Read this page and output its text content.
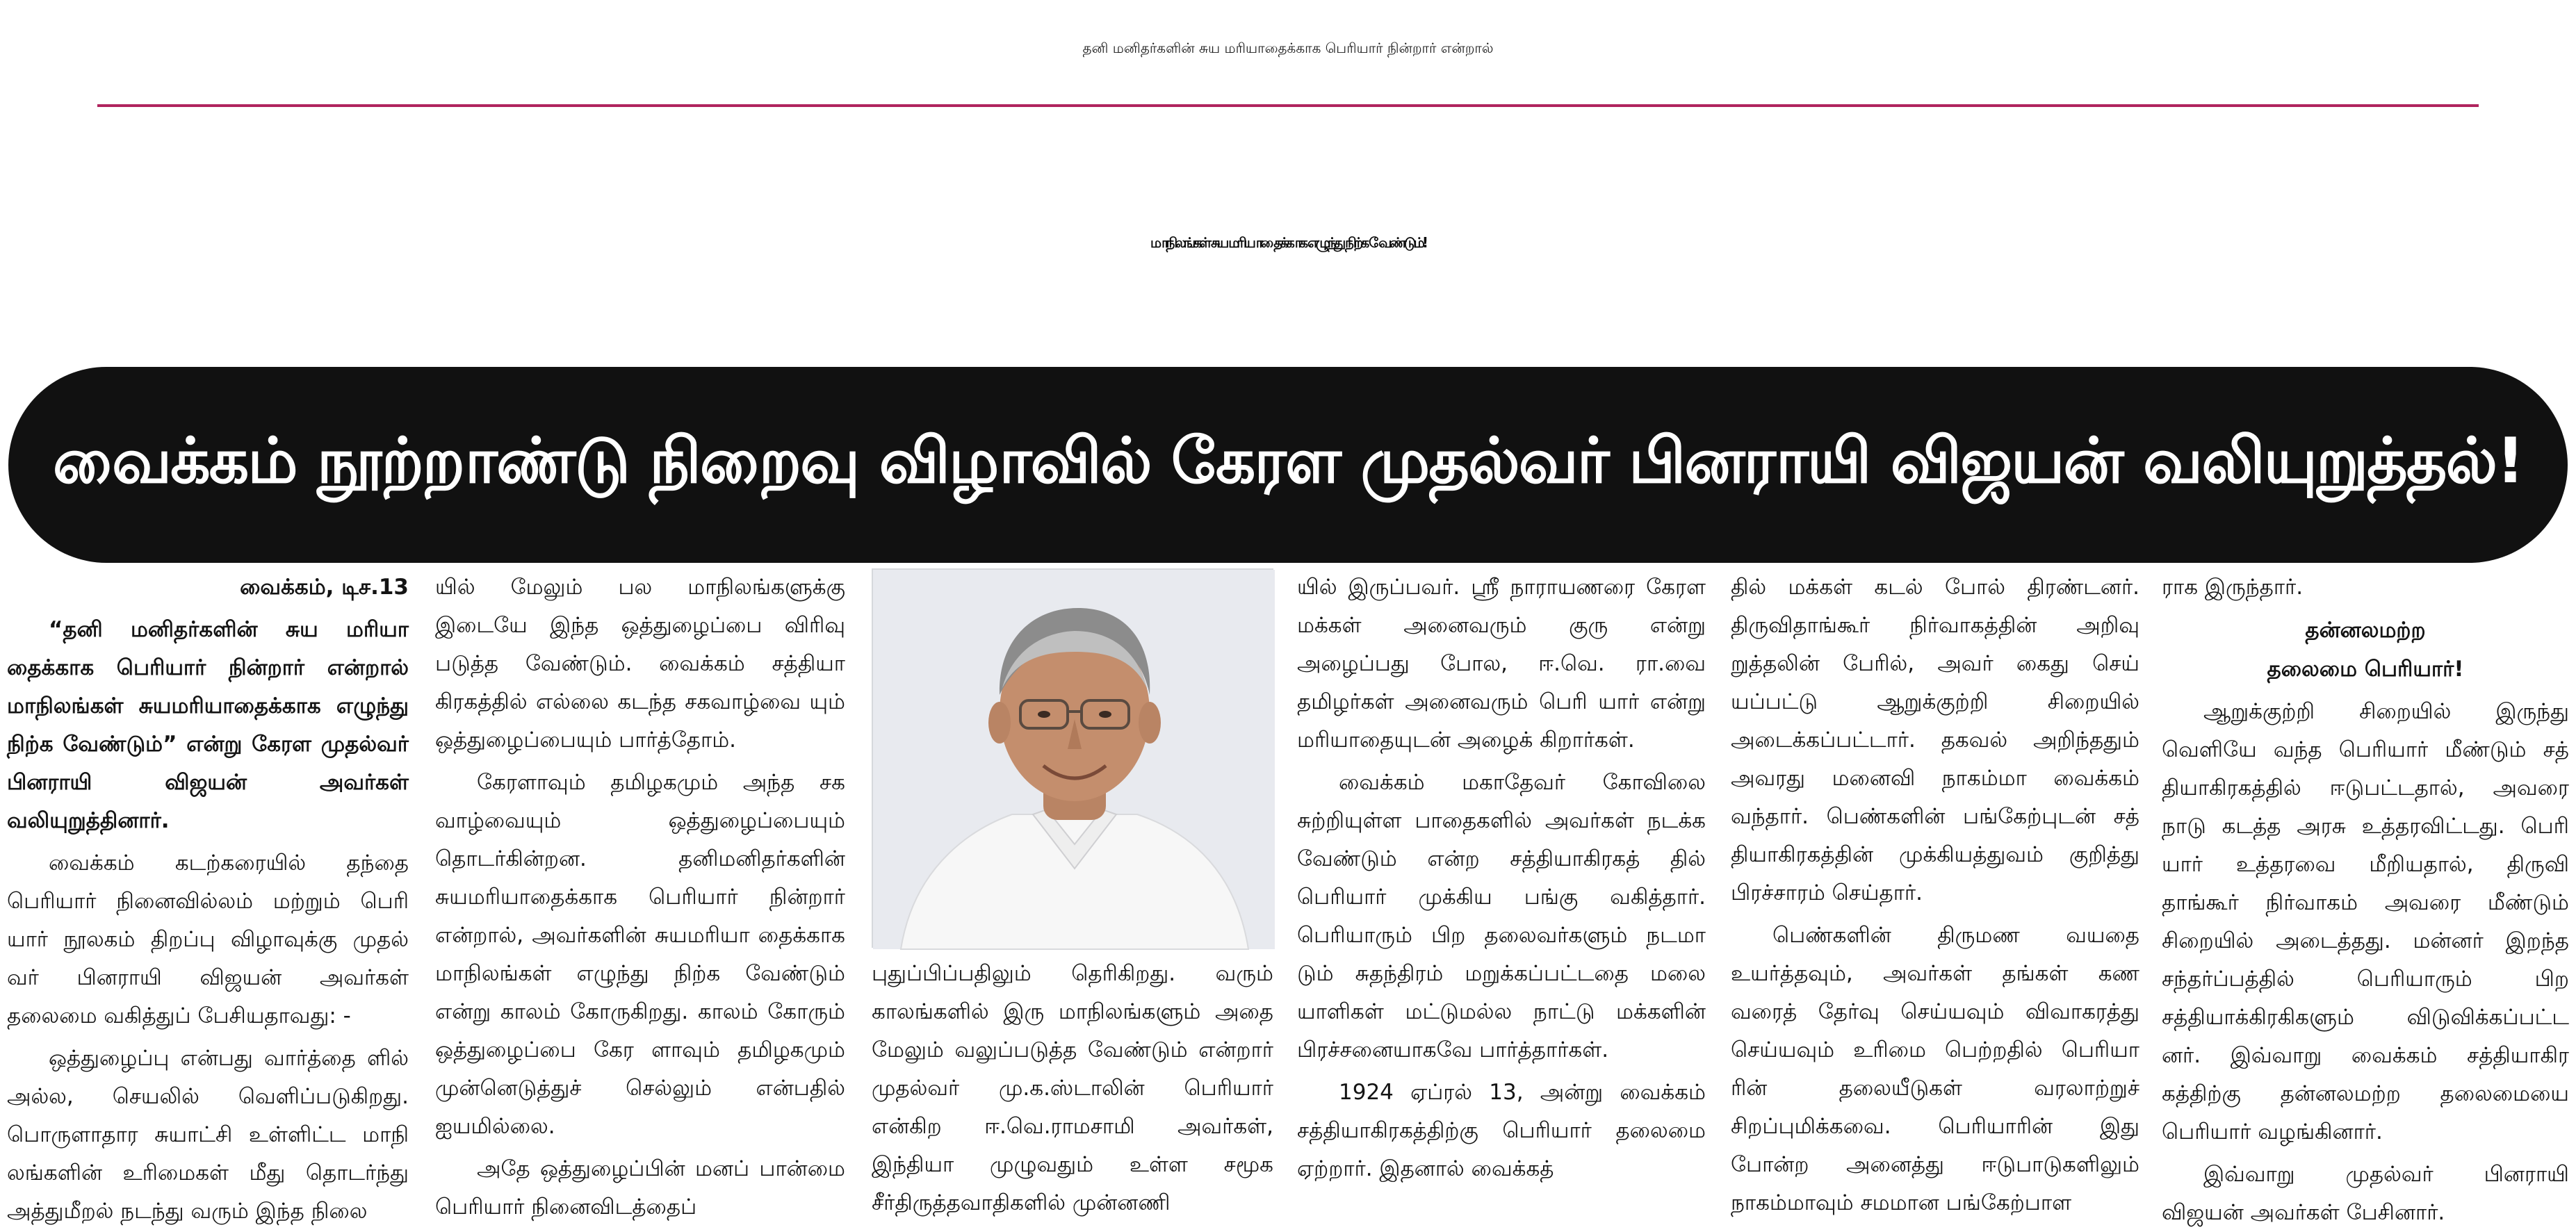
தனி மனிதர்களின் சுய மரியாதைக்காக பெரியார் நின்றார் என்றால்
மாநிலங்கள் சுய மரியாதைக்காக எழுந்து நிற்க வேண்டும்!
வைக்கம் நூற்றாண்டு நிறைவு விழாவில் கேரள முதல்வர் பினராயி விஜயன் வலியுறுத்தல்!

வைக்கம், டிச.13

“தனி மனிதர்களின் சுய மரியா தைக்காக பெரியார் நின்றார் என்றால் மாநிலங்கள் சுயமரியாதைக்காக எழுந்து நிற்க வேண்டும்” என்று கேரள முதல்வர் பினராயி விஜயன் அவர்கள் வலியுறுத்தினார்.

வைக்கம் கடற்கரையில் தந்தை பெரியார் நினைவில்லம் மற்றும் பெரி யார் நூலகம் திறப்பு விழாவுக்கு முதல் வர் பினராயி விஜயன் அவர்கள் தலைமை வகித்துப் பேசியதாவது: -

ஒத்துழைப்பு என்பது வார்த்தை ளில் அல்ல, செயலில் வெளிப்படுகிறது. பொருளாதார சுயாட்சி உள்ளிட்ட மாநி லங்களின் உரிமைகள் மீது தொடர்ந்து அத்துமீறல் நடந்து வரும் இந்த நிலை

யில் மேலும் பல மாநிலங்களுக்கு இடையே இந்த ஒத்துழைப்பை விரிவு படுத்த வேண்டும். வைக்கம் சத்தியா கிரகத்தில் எல்லை கடந்த சகவாழ்வை யும் ஒத்துழைப்பையும் பார்த்தோம்.

கேரளாவும் தமிழகமும் அந்த சக வாழ்வையும் ஒத்துழைப்பையும் தொடர்கின்றன. தனிமனிதர்களின் சுயமரியாதைக்காக பெரியார் நின்றார் என்றால், அவர்களின் சுயமரியா தைக்காக மாநிலங்கள் எழுந்து நிற்க வேண்டும் என்று காலம் கோருகிறது. காலம் கோரும் ஒத்துழைப்பை கேர ளாவும் தமிழகமும் முன்னெடுத்துச் செல்லும் என்பதில் ஐயமில்லை.

அதே ஒத்துழைப்பின் மனப் பான்மை பெரியார் நினைவிடத்தைப்

புதுப்பிப்பதிலும் தெரிகிறது. வரும் காலங்களில் இரு மாநிலங்களும் அதை மேலும் வலுப்படுத்த வேண்டும் என்றார் முதல்வர் மு.க.ஸ்டாலின் பெரியார் என்கிற ஈ.வெ.ராமசாமி அவர்கள், இந்தியா முழுவதும் உள்ள சமூக சீர்திருத்தவாதிகளில் முன்னணி

யில் இருப்பவர். ஸ்ரீ நாராயணரை கேரள மக்கள் அனைவரும் குரு என்று அழைப்பது போல, ஈ.வெ. ரா.வை தமிழர்கள் அனைவரும் பெரி யார் என்று மரியாதையுடன் அழைக் கிறார்கள்.

வைக்கம் மகாதேவர் கோவிலை சுற்றியுள்ள பாதைகளில் அவர்கள் நடக்க வேண்டும் என்ற சத்தியாகிரகத் தில் பெரியார் முக்கிய பங்கு வகித்தார். பெரியாரும் பிற தலைவர்களும் நடமா டும் சுதந்திரம் மறுக்கப்பட்டதை மலை யாளிகள் மட்டுமல்ல நாட்டு மக்களின் பிரச்சனையாகவே பார்த்தார்கள்.

1924 ஏப்ரல் 13, அன்று வைக்கம் சத்தியாகிரகத்திற்கு பெரியார் தலைமை ஏற்றார். இதனால் வைக்கத்

தில் மக்கள் கடல் போல் திரண்டனர். திருவிதாங்கூர் நிர்வாகத்தின் அறிவு றுத்தலின் பேரில், அவர் கைது செய் யப்பட்டு ஆறுக்குற்றி சிறையில் அடைக்கப்பட்டார். தகவல் அறிந்ததும் அவரது மனைவி நாகம்மா வைக்கம் வந்தார். பெண்களின் பங்கேற்புடன் சத் தியாகிரகத்தின் முக்கியத்துவம் குறித்து பிரச்சாரம் செய்தார்.

பெண்களின் திருமண வயதை உயர்த்தவும், அவர்கள் தங்கள் கண வரைத் தேர்வு செய்யவும் விவாகரத்து செய்யவும் உரிமை பெற்றதில் பெரியா ரின் தலையீடுகள் வரலாற்றுச் சிறப்புமிக்கவை. பெரியாரின் இது போன்ற அனைத்து ஈடுபாடுகளிலும் நாகம்மாவும் சமமான பங்கேற்பாள

ராக இருந்தார்.

தன்னலமற்ற
தலைமை பெரியார்!

ஆறுக்குற்றி சிறையில் இருந்து வெளியே வந்த பெரியார் மீண்டும் சத் தியாகிரகத்தில் ஈடுபட்டதால், அவரை நாடு கடத்த அரசு உத்தரவிட்டது. பெரி யார் உத்தரவை மீறியதால், திருவி தாங்கூர் நிர்வாகம் அவரை மீண்டும் சிறையில் அடைத்தது. மன்னர் இறந்த சந்தர்ப்பத்தில் பெரியாரும் பிற சத்தியாக்கிரகிகளும் விடுவிக்கப்பட்ட னர். இவ்வாறு வைக்கம் சத்தியாகிர கத்திற்கு தன்னலமற்ற தலைமையை பெரியார் வழங்கினார்.

இவ்வாறு முதல்வர் பினராயி விஜயன் அவர்கள் பேசினார்.
